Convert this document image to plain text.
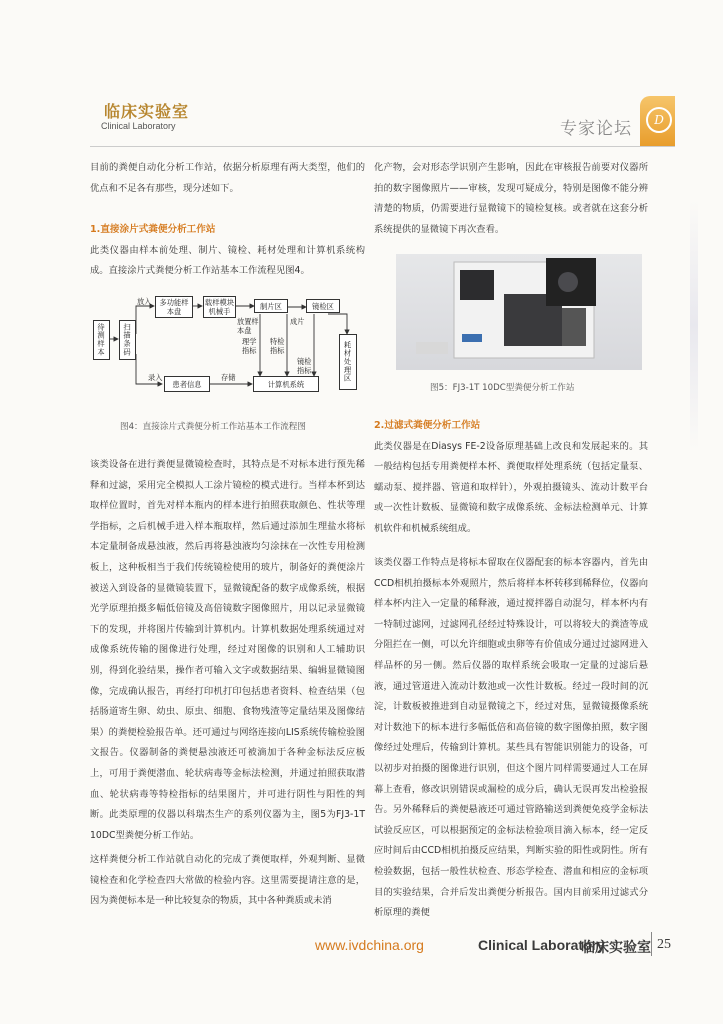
临床实验室
Clinical Laboratory	专家论坛	D

目前的粪便自动化分析工作站，依据分析原理有两大类型，他们的优点和不足各有那些，现分述如下。

1.直接涂片式粪便分析工作站

此类仪器由样本前处理、制片、镜检、耗材处理和计算机系统构成。直接涂片式粪便分析工作站基本工作流程见图4。

待测样本	扫描条码
放入	多功能样本盘
载样模块机械手
制片区	镜检区
放置样本盘
成片
理学指标
特检指标
镜检指标	耗材处理区
录入
患者信息
存储
计算机系统
图4：直接涂片式粪便分析工作站基本工作流程图

该类设备在进行粪便显微镜检查时，其特点是不对标本进行预先稀释和过滤，采用完全模拟人工涂片镜检的模式进行。当样本杯到达取样位置时，首先对样本瓶内的样本进行拍照获取颜色、性状等理学指标，之后机械手进入样本瓶取样，然后通过添加生理盐水将标本定量制备成悬浊液，然后再将悬浊液均匀涂抹在一次性专用检测板上，这种板相当于我们传统镜检使用的玻片，制备好的粪便涂片被送入到设备的显微镜装置下，显微镜配备的数字成像系统，根据光学原理拍摄多幅低倍镜及高倍镜数字图像照片，用以记录显微镜下的发现，并将图片传输到计算机内。计算机数据处理系统通过对成像系统传输的图像进行处理，经过对图像的识别和人工辅助识别，得到化验结果，操作者可输入文字或数据结果、编辑显微镜图像，完成确认报告，再经打印机打印包括患者资料、检查结果（包括肠道寄生卵、幼虫、原虫、细胞、食物残渣等定量结果及图像结果）的粪便检验报告单。还可通过与网络连接向LIS系统传输检验图文报告。仪器制备的粪便悬浊液还可被滴加于各种金标法反应板上，可用于粪便潜血、轮状病毒等金标法检测，并通过拍照获取潜血、轮状病毒等特检指标的结果图片，并可进行阴性与阳性的判断。此类原理的仪器以科瑞杰生产的系列仪器为主，图5为FJ3-1T 10DC型粪便分析工作站。

这样粪便分析工作站就自动化的完成了粪便取样，外观判断、显微镜检查和化学检查四大常做的检验内容。这里需要提请注意的是，因为粪便标本是一种比较复杂的物质，其中各种粪质或未消

化产物，会对形态学识别产生影响，因此在审核报告前要对仪器所拍的数字图像照片——审核，发现可疑成分，特别是图像不能分辨清楚的物质，仍需要进行显微镜下的镜检复核。或者就在这套分析系统提供的显微镜下再次查看。

图5：FJ3-1T 10DC型粪便分析工作站

2.过滤式粪便分析工作站

此类仪器是在Diasys FE-2设备原理基础上改良和发展起来的。其一般结构包括专用粪便样本杯、粪便取样处理系统（包括定量泵、蠕动泵、搅拌器、管道和取样针），外观拍摄镜头、流动计数平台或一次性计数板、显微镜和数字成像系统、金标法检测单元、计算机软件和机械系统组成。

该类仪器工作特点是将标本留取在仪器配套的标本容器内，首先由CCD相机拍摄标本外观照片，然后将样本杯转移到稀释位，仪器向样本杯内注入一定量的稀释液，通过搅拌器自动混匀，样本杯内有一特制过滤网，过滤网孔径经过特殊设计，可以将较大的粪渣等成分阻拦在一侧，可以允许细胞或虫卵等有价值成分通过过滤网进入样品杯的另一侧。然后仪器的取样系统会吸取一定量的过滤后悬液，通过管道进入流动计数池或一次性计数板。经过一段时间的沉淀，计数板被推进到自动显微镜之下，经过对焦，显微镜摄像系统对计数池下的标本进行多幅低倍和高倍镜的数字图像拍照，数字图像经过处理后，传输到计算机。某些具有智能识别能力的设备，可以初步对拍摄的图像进行识别，但这个图片同样需要通过人工在屏幕上查看，修改识别错误或漏检的成分后，确认无误再发出检验报告。另外稀释后的粪便悬液还可通过管路输送到粪便免疫学金标法试验反应区，可以根据预定的金标法检验项目滴入标本，经一定反应时间后由CCD相机拍摄反应结果，判断实验的阳性或阴性。所有检验数据，包括一般性状检查、形态学检查、潜血和相应的金标项目的实验结果，合并后发出粪便分析报告。国内目前采用过滤式分析原理的粪便

www.ivdchina.org	Clinical Laboratory
临床实验室 25
